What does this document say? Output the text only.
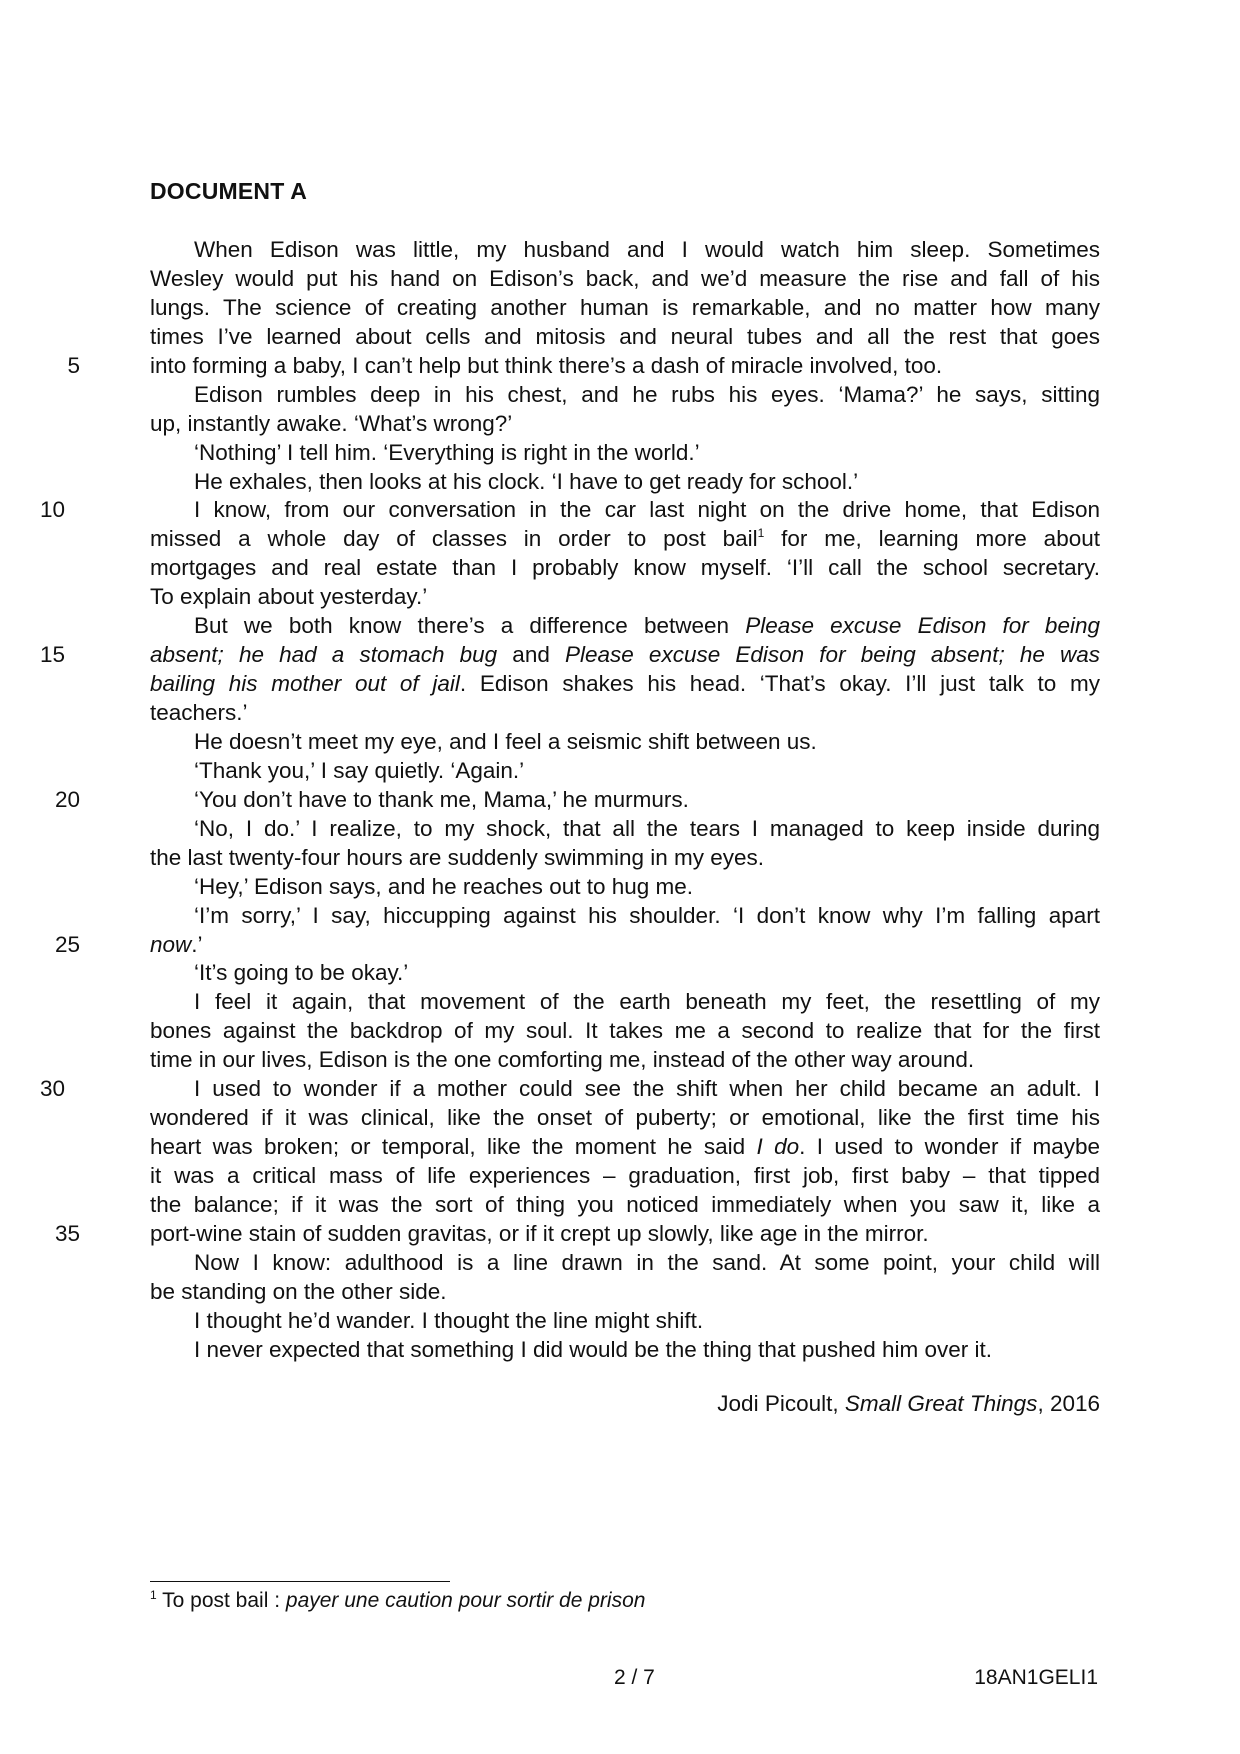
DOCUMENT A
When Edison was little, my husband and I would watch him sleep. Sometimes
Wesley would put his hand on Edison’s back, and we’d measure the rise and fall of his
lungs. The science of creating another human is remarkable, and no matter how many
times I’ve learned about cells and mitosis and neural tubes and all the rest that goes
5	into forming a baby, I can’t help but think there’s a dash of miracle involved, too.
Edison rumbles deep in his chest, and he rubs his eyes. ‘Mama?’ he says, sitting
up, instantly awake. ‘What’s wrong?’
‘Nothing’ I tell him. ‘Everything is right in the world.’
He exhales, then looks at his clock. ‘I have to get ready for school.’
10	I know, from our conversation in the car last night on the drive home, that Edison
missed a whole day of classes in order to post bail$^1$ for me, learning more about
mortgages and real estate than I probably know myself. ‘I’ll call the school secretary.
To explain about yesterday.’
But we both know there’s a difference between Please excuse Edison for being
15	absent; he had a stomach bug and Please excuse Edison for being absent; he was
bailing his mother out of jail. Edison shakes his head. ‘That’s okay. I’ll just talk to my
teachers.’
He doesn’t meet my eye, and I feel a seismic shift between us.
‘Thank you,’ I say quietly. ‘Again.’
20	‘You don’t have to thank me, Mama,’ he murmurs.
‘No, I do.’ I realize, to my shock, that all the tears I managed to keep inside during
the last twenty-four hours are suddenly swimming in my eyes.
‘Hey,’ Edison says, and he reaches out to hug me.
‘I’m sorry,’ I say, hiccupping against his shoulder. ‘I don’t know why I’m falling apart
25	now.’
‘It’s going to be okay.’
I feel it again, that movement of the earth beneath my feet, the resettling of my
bones against the backdrop of my soul. It takes me a second to realize that for the first
time in our lives, Edison is the one comforting me, instead of the other way around.
30	I used to wonder if a mother could see the shift when her child became an adult. I
wondered if it was clinical, like the onset of puberty; or emotional, like the first time his
heart was broken; or temporal, like the moment he said I do. I used to wonder if maybe
it was a critical mass of life experiences – graduation, first job, first baby – that tipped
the balance; if it was the sort of thing you noticed immediately when you saw it, like a
35	port-wine stain of sudden gravitas, or if it crept up slowly, like age in the mirror.
Now I know: adulthood is a line drawn in the sand. At some point, your child will
be standing on the other side.
I thought he’d wander. I thought the line might shift.
I never expected that something I did would be the thing that pushed him over it.
Jodi Picoult, Small Great Things, 2016
$^1$ To post bail : payer une caution pour sortir de prison
2 / 7	18AN1GELI1
